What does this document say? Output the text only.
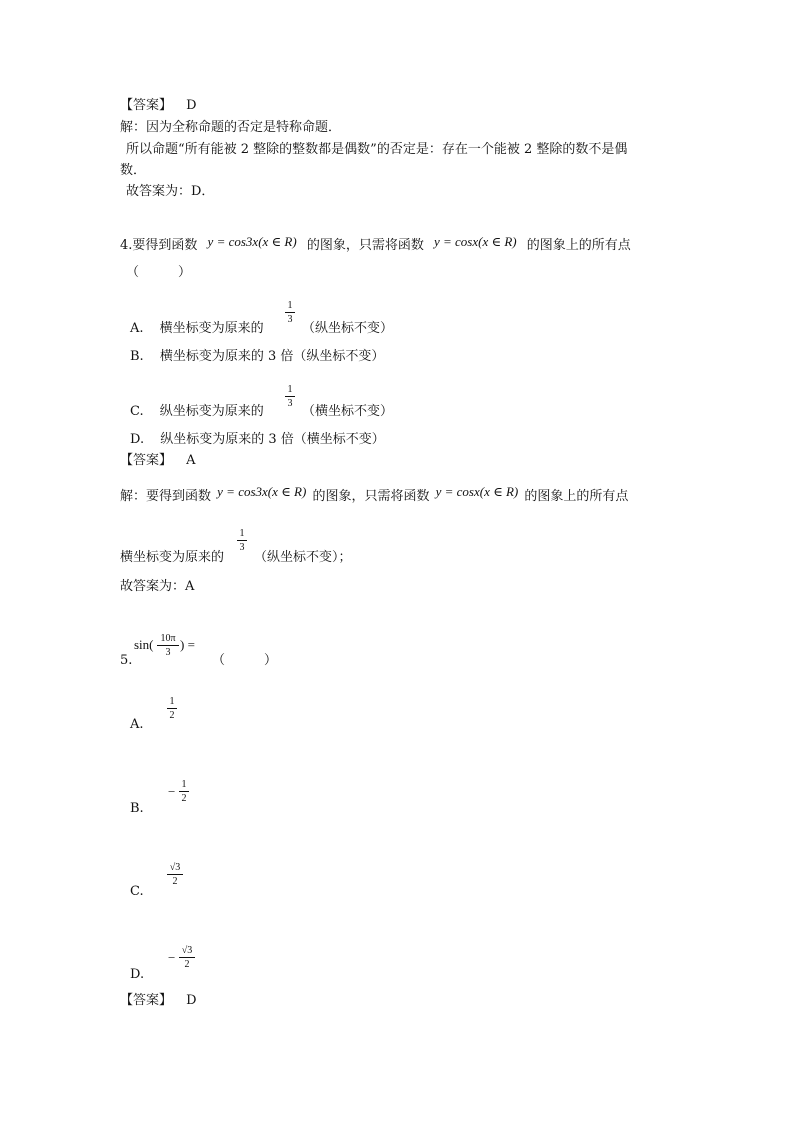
【答案】 D
解：因为全称命题的否定是特称命题．
所以命题“所有能被 2 整除的整数都是偶数”的否定是：存在一个能被 2 整除的数不是偶
数．
故答案为：D．
4.要得到函数 y = cos3x(x ∈ R) 的图象，只需将函数 y = cosx(x ∈ R) 的图象上的所有点
（　　　）
A. 横坐标变为原来的
1
3
（纵坐标不变）
B. 横坐标变为原来的 3 倍（纵坐标不变）
C. 纵坐标变为原来的
1
3
（横坐标不变）
D. 纵坐标变为原来的 3 倍（横坐标不变）
【答案】 A
解：要得到函数 y = cos3x(x ∈ R) 的图象，只需将函数 y = cosx(x ∈ R) 的图象上的所有点
横坐标变为原来的
1
3
（纵坐标不变）；
故答案为：A
sin( 10π
3
) =
5.	（　　　）
A.
1
2
B.
− 1
2
C.
√3
2
D.
− √3
2
【答案】 D
